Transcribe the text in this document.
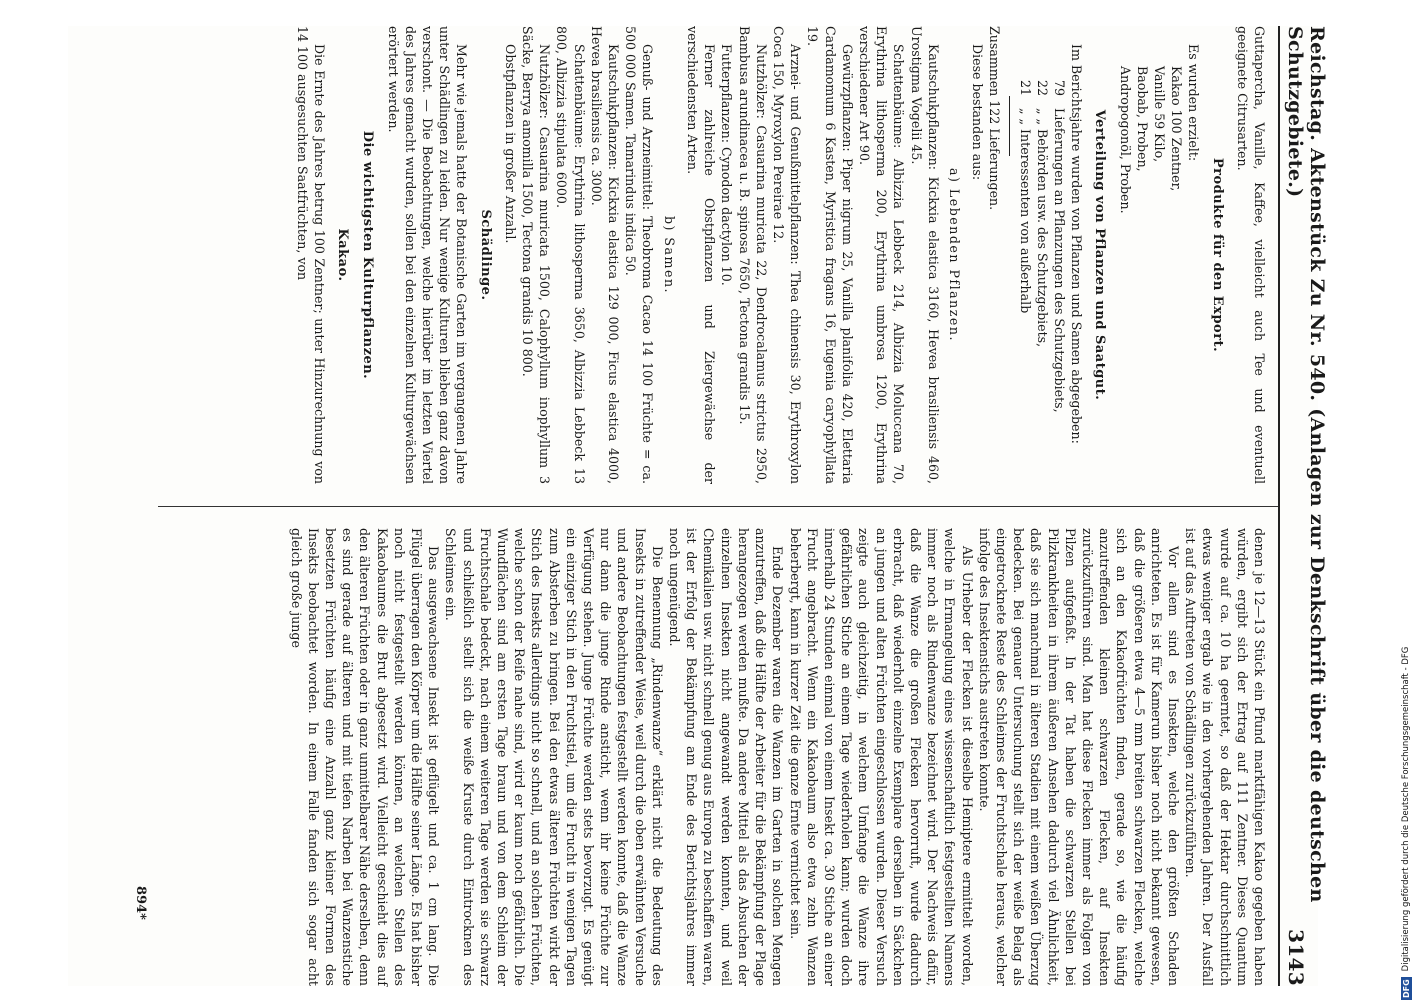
Reichstag. Aktenstück Zu Nr. 540. (Anlagen zur Denkschrift über die deutschen Schutzgebiete.)
3143

Guttapercha, Vanille, Kaffee, vielleicht auch Tee und eventuell geeignete Citrusarten.

Produkte für den Export.

Es wurden erzielt:

Kakao 100 Zentner,
Vanille 59 Kilo,
Baobab, Proben,
Andropogonöl, Proben.
Verteilung von Pflanzen und Saatgut.

Im Berichtsjahre wurden von Pflanzen und Samen abgegeben:

79
Lieferungen an Pflanzungen des Schutzgebiets,
22
„ „ Behörden usw. des Schutzgebiets,
21
„ „ Interessenten von außerhalb

Zusammen 122 Lieferungen.

Diese bestanden aus:

a) Lebenden Pflanzen.

Kautschukpflanzen: Kickxia elastica 3160, Hevea brasiliensis 460, Urostigma Vogelii 45.

Schattenbäume: Albizzia Lebbeck 214, Albizzia Moluccana 70, Erythrina lithosperma 200, Erythrina umbrosa 1200, Erythrina verschiedener Art 90.

Gewürzpflanzen: Piper nigrum 25, Vanilla planifolia 420, Elettaria Cardamomum 6 Kasten, Myristica fragans 16, Eugenia caryophyllata 19.

Arznei- und Genußmittelpflanzen: Thea chinensis 30, Erythroxylon Coca 150, Myroxylon Pereirae 12.

Nutzhölzer: Casuarina muricata 22, Dendrocalamus strictus 2950, Bambusa arundinacea u. B. spinosa 7650, Tectona grandis 15.

Futterpflanzen: Cynodon dactylon 10.

Ferner zahlreiche Obstpflanzen und Ziergewächse der verschiedensten Arten.

b) Samen.

Genuß- und Arzneimittel: Theobroma Cacao 14 100 Früchte = ca. 500 000 Samen. Tamarindus indica 50.

Kautschukpflanzen: Kickxia elastica 129 000, Ficus elastica 4000, Hevea brasiliensis ca. 3000.

Schattenbäume: Erythrina lithosperma 3650, Albizzia Lebbeck 13 800, Albizzia stipulata 6000.

Nutzhölzer: Casuarina muricata 1500, Calophyllum inophyllum 3 Säcke, Berrya amomilla 1500, Tectona grandis 10 800.

Obstpflanzen in großer Anzahl.

Schädlinge.

Mehr wie jemals hatte der Botanische Garten im vergangenen Jahre unter Schädlingen zu leiden. Nur wenige Kulturen blieben ganz davon verschont. — Die Beobachtungen, welche hierüber im letzten Viertel des Jahres gemacht wurden, sollen bei den einzelnen Kulturgewächsen erörtert werden.

Die wichtigsten Kulturpflanzen.
Kakao.

Die Ernte des Jahres betrug 100 Zentner; unter Hinzurechnung von 14 100 ausgesuchten Saatfrüchten, von

denen je 12—13 Stück ein Pfund marktfähigen Kakao gegeben haben würden, ergibt sich der Ertrag auf 111 Zentner. Dieses Quantum wurde auf ca. 10 ha geerntet, so daß der Hektar durchschnittlich etwas weniger ergab wie in den vorhergehenden Jahren. Der Ausfall ist auf das Auftreten von Schädlingen zurückzuführen.

Vor allem sind es Insekten, welche den größten Schaden anrichteten. Es ist für Kamerun bisher noch nicht bekannt gewesen, daß die größeren etwa 4—5 mm breiten schwarzen Flecken, welche sich an den Kakaofrüchten finden, gerade so, wie die häufig anzutreffenden kleinen schwarzen Flecken, auf Insekten zurückzuführen sind. Man hat diese Flecken immer als Folgen von Pilzen aufgefaßt. In der Tat haben die schwarzen Stellen bei Pilzkrankheiten in ihrem äußeren Ansehen dadurch viel Ähnlichkeit, daß sie sich manchmal in älteren Stadien mit einem weißen Überzug bedecken. Bei genauer Untersuchung stellt sich der weiße Belag als eingetrocknete Reste des Schleimes der Fruchtschale heraus, welcher infolge des Insektenstichs austreten konnte.

Als Urheber der Flecken ist dieselbe Hemiptere ermittelt worden, welche in Ermangelung eines wissenschaftlich festgestellten Namens immer noch als Rindenwanze bezeichnet wird. Der Nachweis dafür, daß die Wanze die großen Flecken hervorruft, wurde dadurch erbracht, daß wiederholt einzelne Exemplare derselben in Säckchen an jungen und alten Früchten eingeschlossen wurden. Dieser Versuch zeigte auch gleichzeitig, in welchem Umfange die Wanze ihre gefährlichen Stiche an einem Tage wiederholen kann; wurden doch innerhalb 24 Stunden einmal von einem Insekt ca. 30 Stiche an einer Frucht angebracht. Wenn ein Kakaobaum also etwa zehn Wanzen beherbergt, kann in kurzer Zeit die ganze Ernte vernichtet sein.

Ende Dezember waren die Wanzen im Garten in solchen Mengen anzutreffen, daß die Hälfte der Arbeiter für die Bekämpfung der Plage herangezogen werden mußte. Da andere Mittel als das Absuchen der einzelnen Insekten nicht angewandt werden konnten, und weil Chemikalien usw. nicht schnell genug aus Europa zu beschaffen waren, ist der Erfolg der Bekämpfung am Ende des Berichtsjahres immer noch ungenügend.

Die Benennung „Rindenwanze“ erklärt nicht die Bedeutung des Insekts in zutreffender Weise, weil durch die oben erwähnten Versuche und andere Beobachtungen festgestellt werden konnte, daß die Wanze nur dann die junge Rinde ansticht, wenn ihr keine Früchte zur Verfügung stehen. Junge Früchte werden stets bevorzugt. Es genügt ein einziger Stich in den Fruchtstiel, um die Frucht in wenigen Tagen zum Absterben zu bringen. Bei den etwas älteren Früchten wirkt der Stich des Insekts allerdings nicht so schnell, und an solchen Früchten, welche schon der Reife nahe sind, wird er kaum noch gefährlich. Die Wundflächen sind am ersten Tage braun und von dem Schleim der Fruchtschale bedeckt, nach einem weiteren Tage werden sie schwarz und schließlich stellt sich die weiße Kruste durch Eintrocknen des Schleimes ein.

Das ausgewachsene Insekt ist geflügelt und ca. 1 cm lang. Die Flügel überragen den Körper um die Hälfte seiner Länge. Es hat bisher noch nicht festgestellt werden können, an welchen Stellen des Kakaobaumes die Brut abgesetzt wird. Vielleicht geschieht dies auf den älteren Früchten oder in ganz unmittelbarer Nähe derselben, denn es sind gerade auf älteren und mit tiefen Narben bei Wanzenstiche besetzten Früchten häufig eine Anzahl ganz kleiner Formen des Insekts beobachtet worden. In einem Falle fanden sich sogar acht gleich große junge

894*
DFG
Digitalisierung gefördert durch die Deutsche Forschungsgemeinschaft - DFG
